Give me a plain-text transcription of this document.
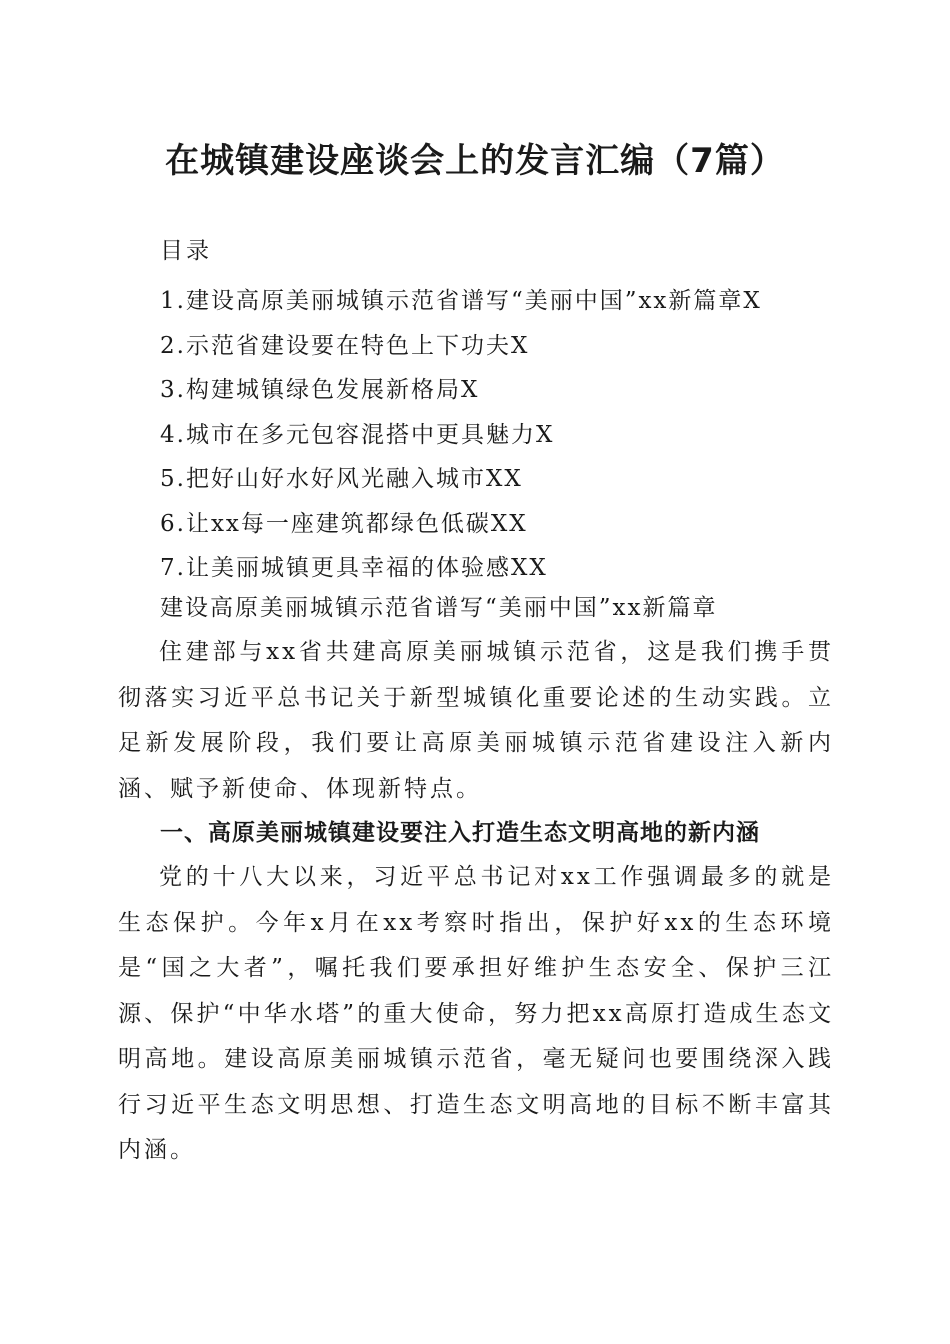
在城镇建设座谈会上的发言汇编（7篇）
目录
1.建设高原美丽城镇示范省谱写“美丽中国”xx新篇章X
2.示范省建设要在特色上下功夫X
3.构建城镇绿色发展新格局X
4.城市在多元包容混搭中更具魅力X
5.把好山好水好风光融入城市XX
6.让xx每一座建筑都绿色低碳XX
7.让美丽城镇更具幸福的体验感XX
建设高原美丽城镇示范省谱写“美丽中国”xx新篇章

住建部与xx省共建高原美丽城镇示范省，这是我们携手贯彻落实习近平总书记关于新型城镇化重要论述的生动实践。立足新发展阶段，我们要让高原美丽城镇示范省建设注入新内涵、赋予新使命、体现新特点。

一、高原美丽城镇建设要注入打造生态文明高地的新内涵

党的十八大以来，习近平总书记对xx工作强调最多的就是生态保护。今年x月在xx考察时指出，保护好xx的生态环境是“国之大者”，嘱托我们要承担好维护生态安全、保护三江源、保护“中华水塔”的重大使命，努力把xx高原打造成生态文明高地。建设高原美丽城镇示范省，毫无疑问也要围绕深入践行习近平生态文明思想、打造生态文明高地的目标不断丰富其内涵。
